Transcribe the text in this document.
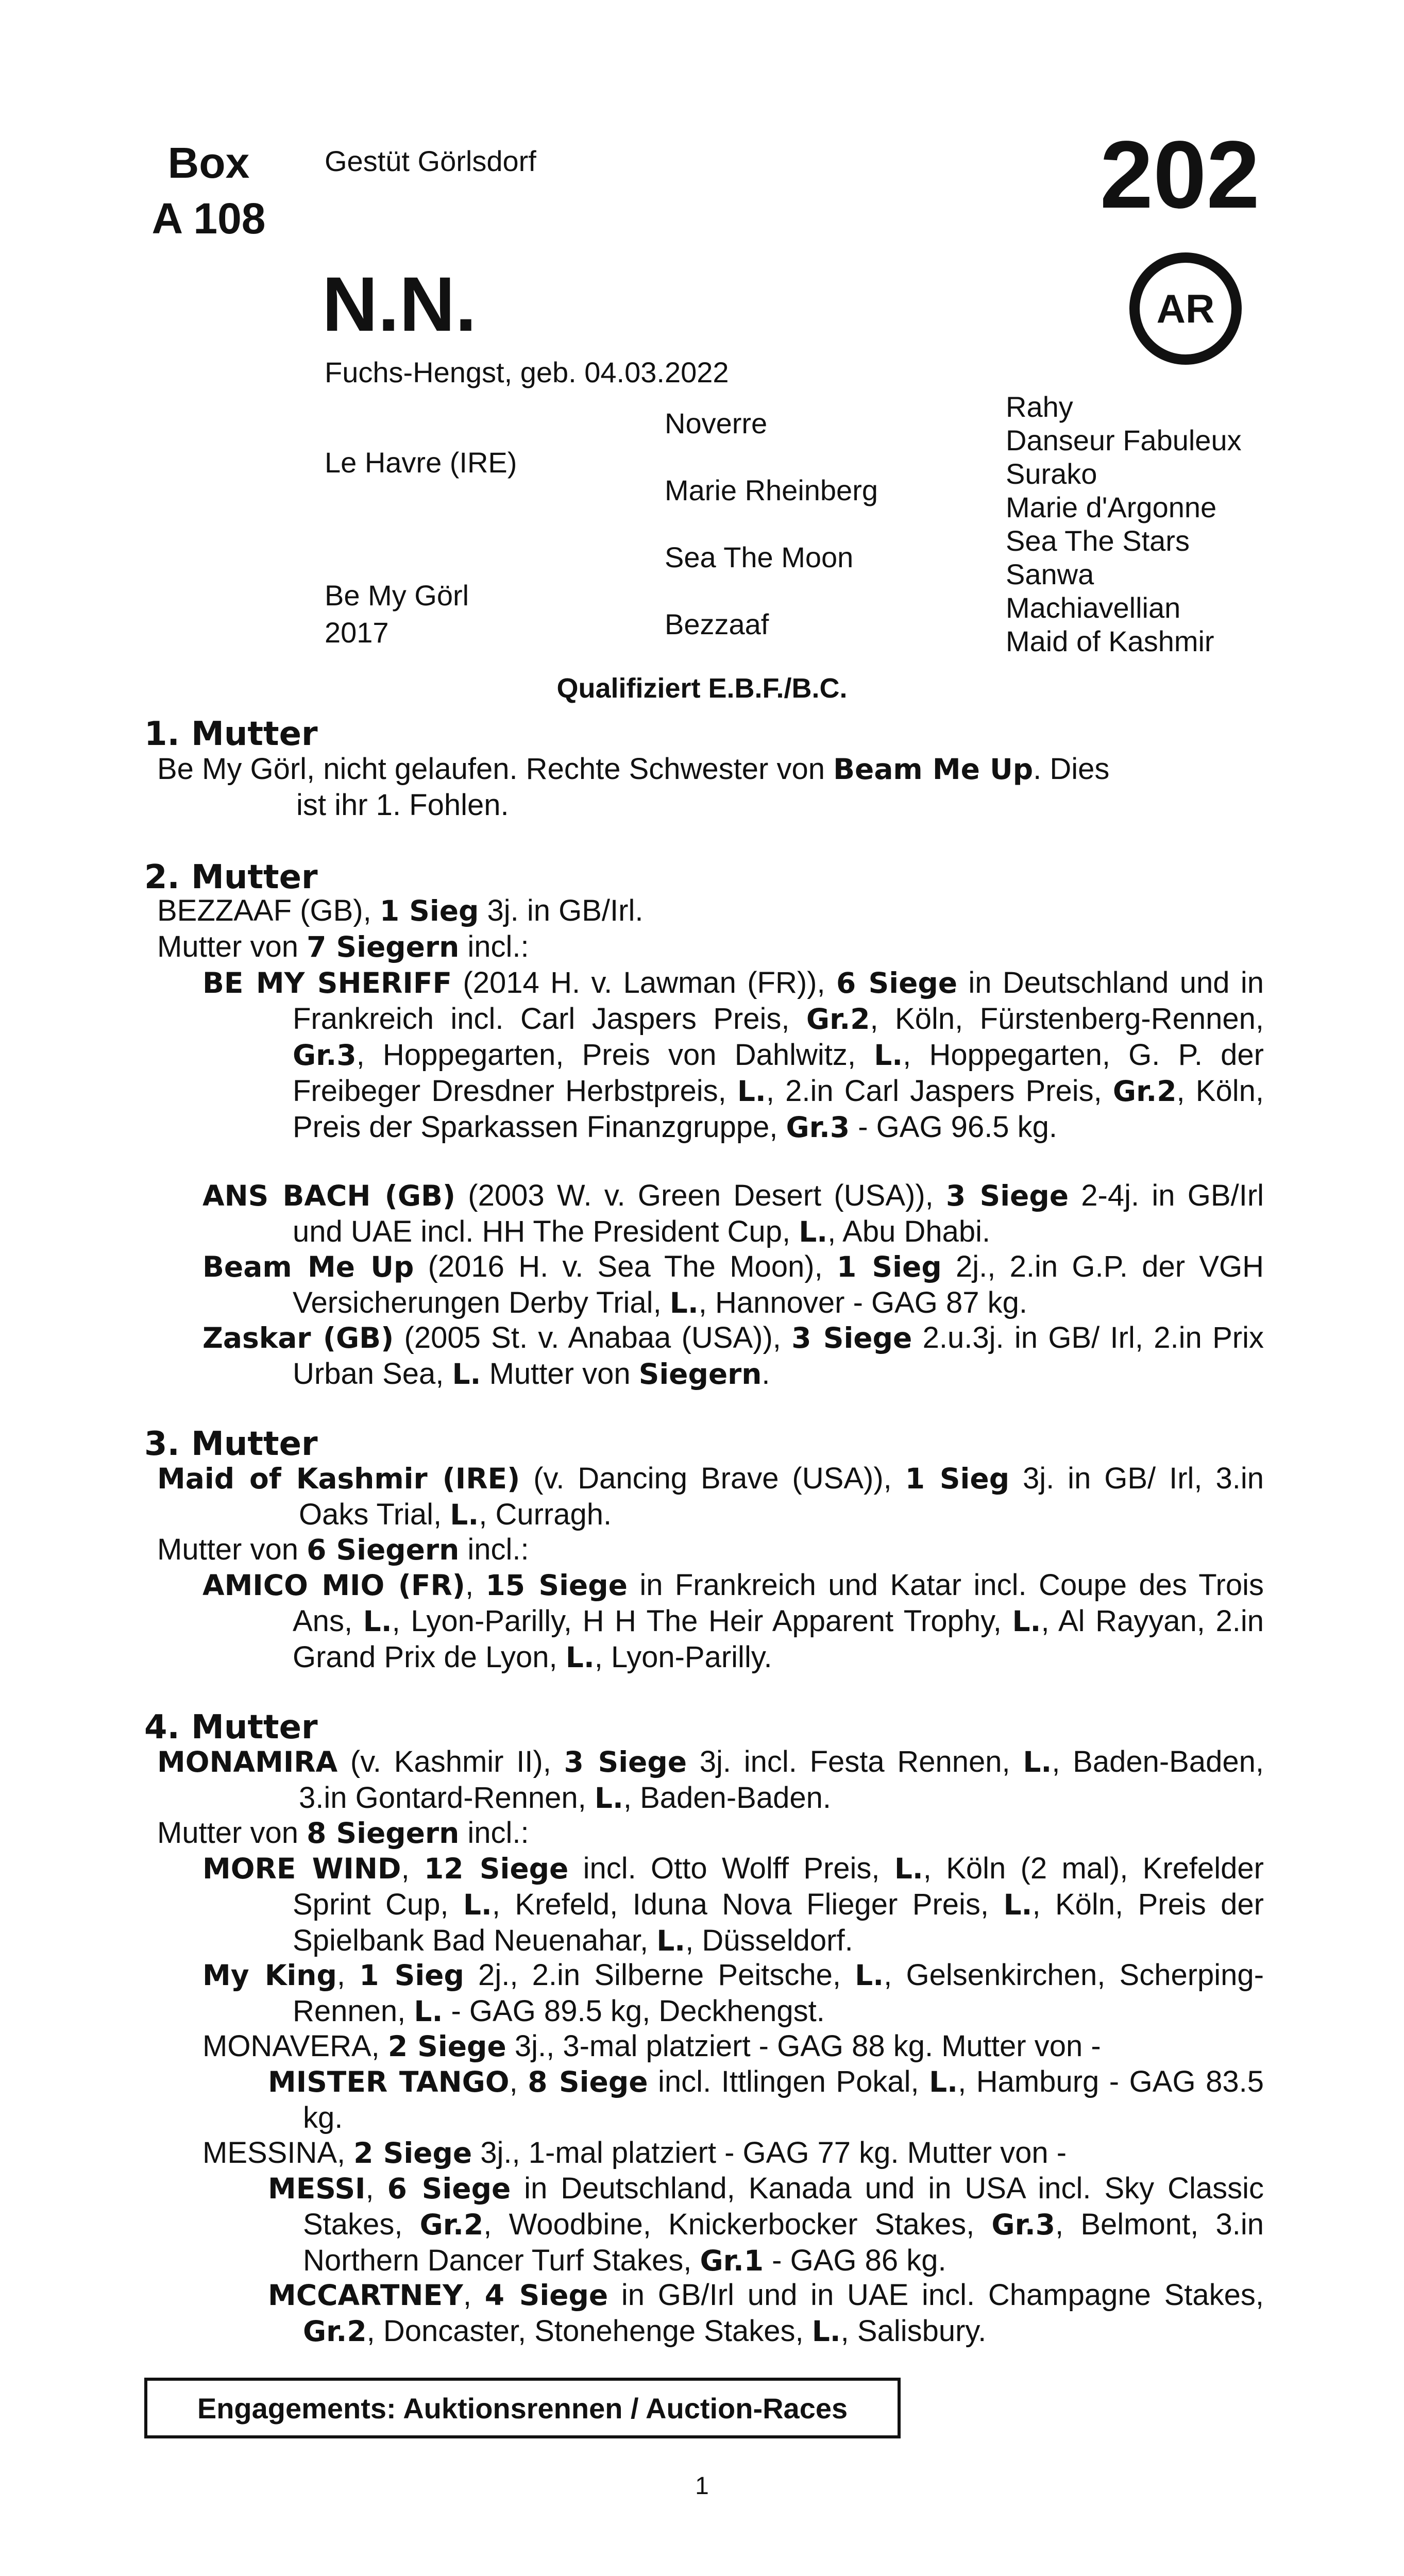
Box
A 108
Gestüt Görlsdorf	202
AR
N.N.
Fuchs-Hengst, geb. 04.03.2022
Le Havre (IRE)
Be My Görl
2017
Noverre
Marie Rheinberg
Sea The Moon
Bezzaaf
Rahy
Danseur Fabuleux
Surako
Marie d'Argonne
Sea The Stars
Sanwa
Machiavellian
Maid of Kashmir
Qualifiziert E.B.F./B.C.
1. Mutter
Be My Görl, nicht gelaufen. Rechte Schwester von Beam Me Up. Dies
ist ihr 1. Fohlen.
2. Mutter
BEZZAAF (GB), 1 Sieg 3j. in GB/Irl.
Mutter von 7 Siegern incl.:
BE MY SHERIFF (2014 H. v. Lawman (FR)), 6 Siege in Deutschland und in Frankreich incl. Carl Jaspers Preis, Gr.2, Köln, Fürstenberg-Rennen, Gr.3, Hoppegarten, Preis von Dahlwitz, L., Hoppegarten, G. P. der Freibeger Dresdner Herbstpreis, L., 2.in Carl Jaspers Preis, Gr.2, Köln, Preis der Sparkassen Finanzgruppe, Gr.3 - GAG 96.5 kg.
ANS BACH (GB) (2003 W. v. Green Desert (USA)), 3 Siege 2-4j. in GB/Irl und UAE incl. HH The President Cup, L., Abu Dhabi.
Beam Me Up (2016 H. v. Sea The Moon), 1 Sieg 2j., 2.in G.P. der VGH Versicherungen Derby Trial, L., Hannover - GAG 87 kg.
Zaskar (GB) (2005 St. v. Anabaa (USA)), 3 Siege 2.u.3j. in GB/ Irl, 2.in Prix Urban Sea, L. Mutter von Siegern.
3. Mutter
Maid of Kashmir (IRE) (v. Dancing Brave (USA)), 1 Sieg 3j. in GB/ Irl, 3.in Oaks Trial, L., Curragh.
Mutter von 6 Siegern incl.:
AMICO MIO (FR), 15 Siege in Frankreich und Katar incl. Coupe des Trois Ans, L., Lyon-Parilly, H H The Heir Apparent Trophy, L., Al Rayyan, 2.in Grand Prix de Lyon, L., Lyon-Parilly.
4. Mutter
MONAMIRA (v. Kashmir II), 3 Siege 3j. incl. Festa Rennen, L., Baden-Baden, 3.in Gontard-Rennen, L., Baden-Baden.
Mutter von 8 Siegern incl.:
MORE WIND, 12 Siege incl. Otto Wolff Preis, L., Köln (2 mal), Krefelder Sprint Cup, L., Krefeld, Iduna Nova Flieger Preis, L., Köln, Preis der Spielbank Bad Neuenahar, L., Düsseldorf.
My King, 1 Sieg 2j., 2.in Silberne Peitsche, L., Gelsenkirchen, Scherping-Rennen, L. - GAG 89.5 kg, Deckhengst.
MONAVERA, 2 Siege 3j., 3-mal platziert - GAG 88 kg. Mutter von -
MISTER TANGO, 8 Siege incl. Ittlingen Pokal, L., Hamburg - GAG 83.5 kg.
MESSINA, 2 Siege 3j., 1-mal platziert - GAG 77 kg. Mutter von -
MESSI, 6 Siege in Deutschland, Kanada und in USA incl. Sky Classic Stakes, Gr.2, Woodbine, Knickerbocker Stakes, Gr.3, Belmont, 3.in Northern Dancer Turf Stakes, Gr.1 - GAG 86 kg.
MCCARTNEY, 4 Siege in GB/Irl und in UAE incl. Champagne Stakes, Gr.2, Doncaster, Stonehenge Stakes, L., Salisbury.
Engagements: Auktionsrennen / Auction-Races
1
